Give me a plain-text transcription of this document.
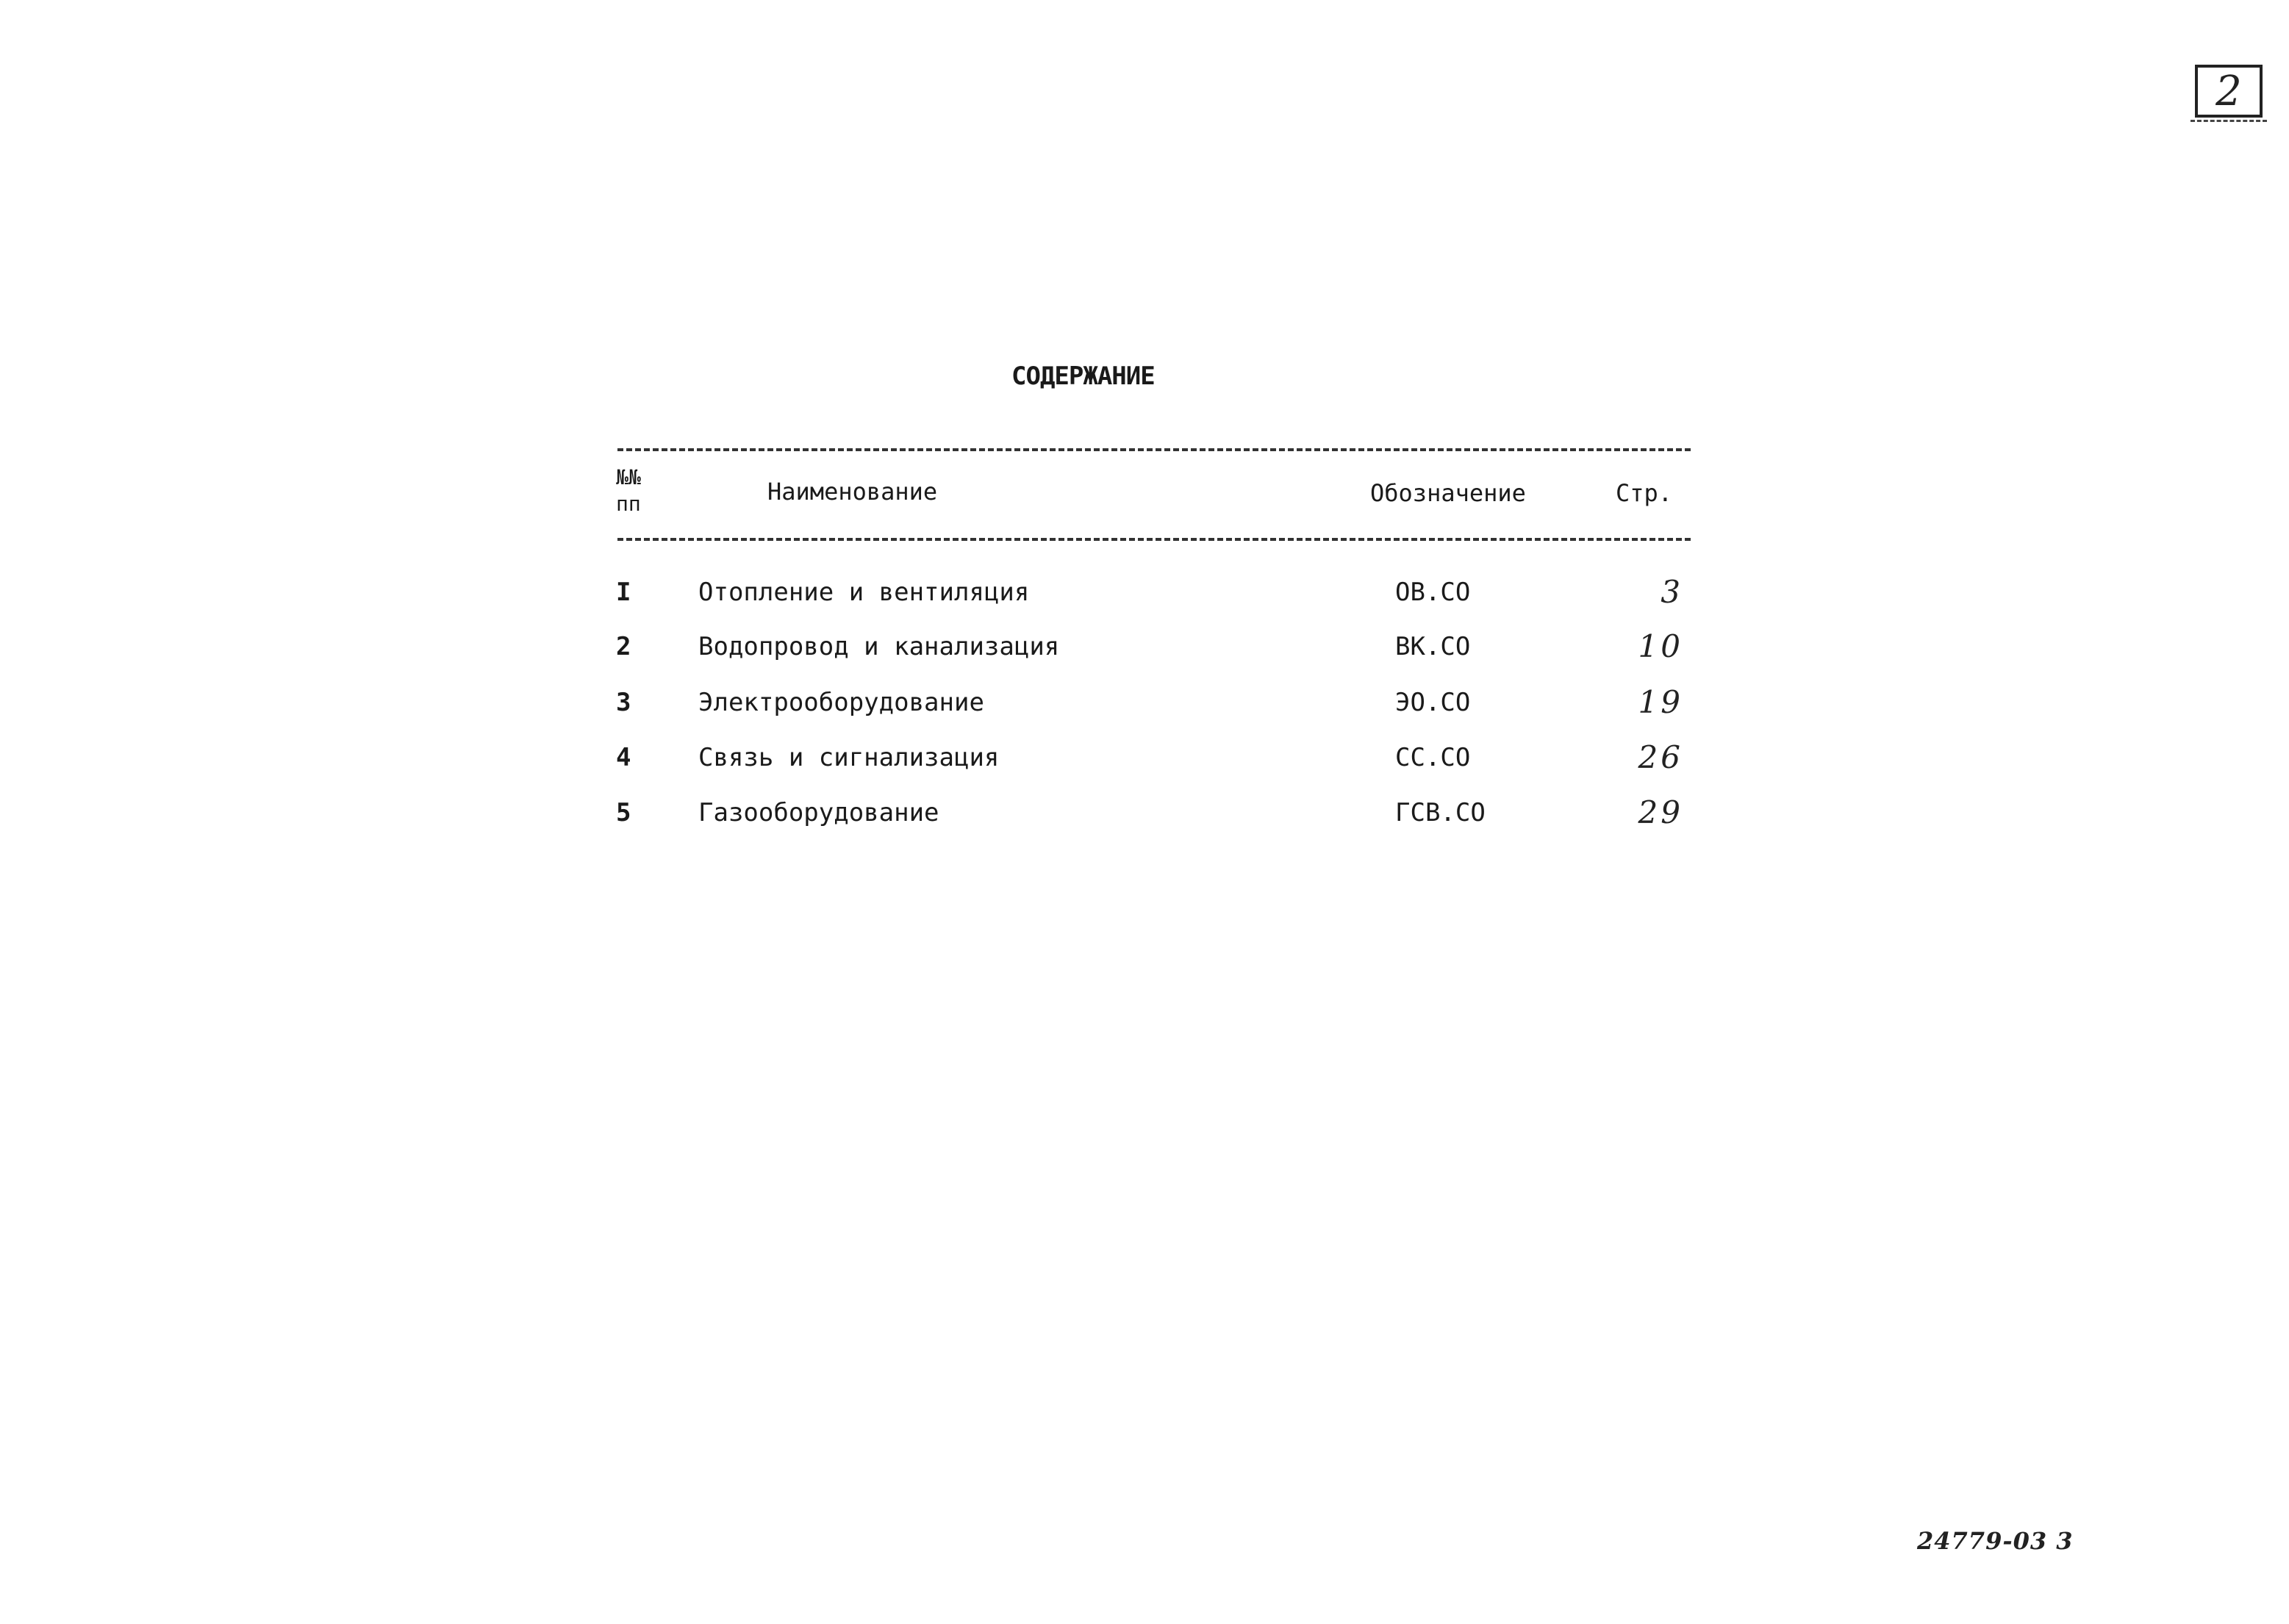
2
СОДЕРЖАНИЕ
№№ пп	Наименование	Обозначение	Стр.
I	Отопление и вентиляция	ОВ.СО	3
2	Водопровод и канализация	ВК.СО	10
3	Электрооборудование	ЭО.СО	19
4	Связь и сигнализация	СС.СО	26
5	Газооборудование	ГСВ.СО	29
24779-03 3
